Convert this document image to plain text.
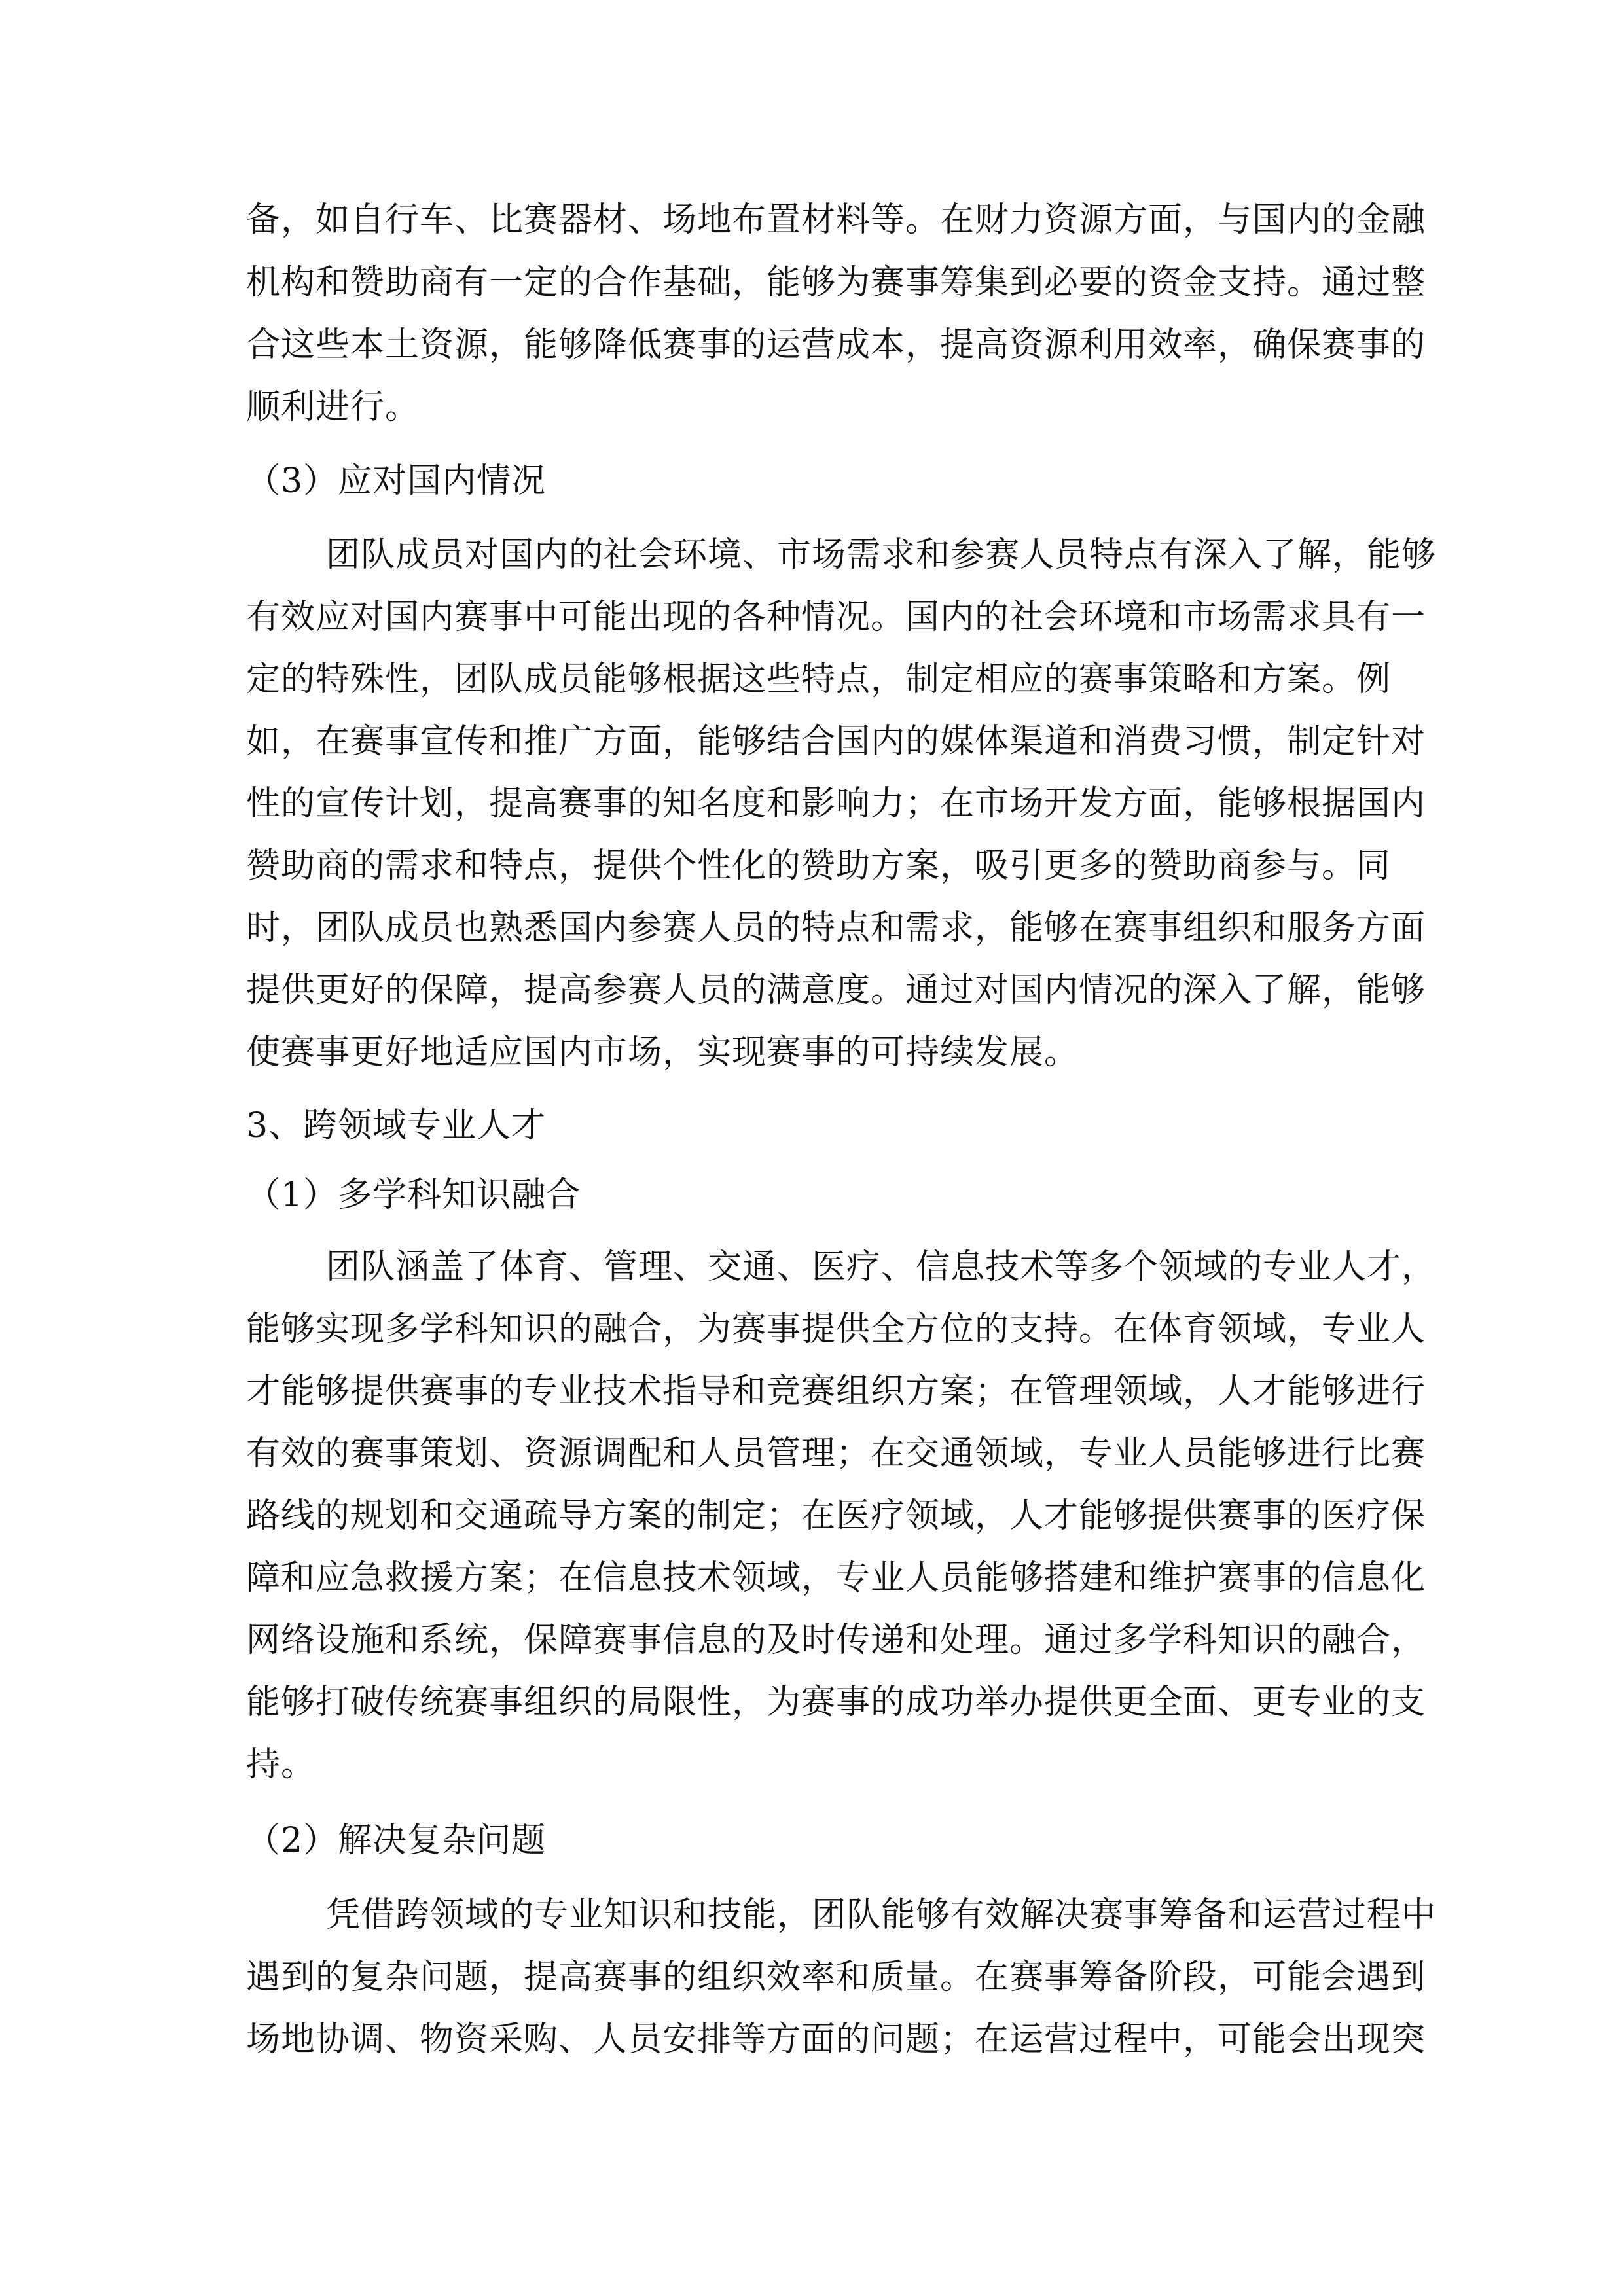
备，如自行车、比赛器材、场地布置材料等。在财力资源方面，与国内的金融

机构和赞助商有一定的合作基础，能够为赛事筹集到必要的资金支持。通过整

合这些本土资源，能够降低赛事的运营成本，提高资源利用效率，确保赛事的

顺利进行。

（3）应对国内情况

团队成员对国内的社会环境、市场需求和参赛人员特点有深入了解，能够

有效应对国内赛事中可能出现的各种情况。国内的社会环境和市场需求具有一

定的特殊性，团队成员能够根据这些特点，制定相应的赛事策略和方案。例

如，在赛事宣传和推广方面，能够结合国内的媒体渠道和消费习惯，制定针对

性的宣传计划，提高赛事的知名度和影响力；在市场开发方面，能够根据国内

赞助商的需求和特点，提供个性化的赞助方案，吸引更多的赞助商参与。同

时，团队成员也熟悉国内参赛人员的特点和需求，能够在赛事组织和服务方面

提供更好的保障，提高参赛人员的满意度。通过对国内情况的深入了解，能够

使赛事更好地适应国内市场，实现赛事的可持续发展。

3、跨领域专业人才

（1）多学科知识融合

团队涵盖了体育、管理、交通、医疗、信息技术等多个领域的专业人才，

能够实现多学科知识的融合，为赛事提供全方位的支持。在体育领域，专业人

才能够提供赛事的专业技术指导和竞赛组织方案；在管理领域，人才能够进行

有效的赛事策划、资源调配和人员管理；在交通领域，专业人员能够进行比赛

路线的规划和交通疏导方案的制定；在医疗领域，人才能够提供赛事的医疗保

障和应急救援方案；在信息技术领域，专业人员能够搭建和维护赛事的信息化

网络设施和系统，保障赛事信息的及时传递和处理。通过多学科知识的融合，

能够打破传统赛事组织的局限性，为赛事的成功举办提供更全面、更专业的支

持。

（2）解决复杂问题

凭借跨领域的专业知识和技能，团队能够有效解决赛事筹备和运营过程中

遇到的复杂问题，提高赛事的组织效率和质量。在赛事筹备阶段，可能会遇到

场地协调、物资采购、人员安排等方面的问题；在运营过程中，可能会出现突
